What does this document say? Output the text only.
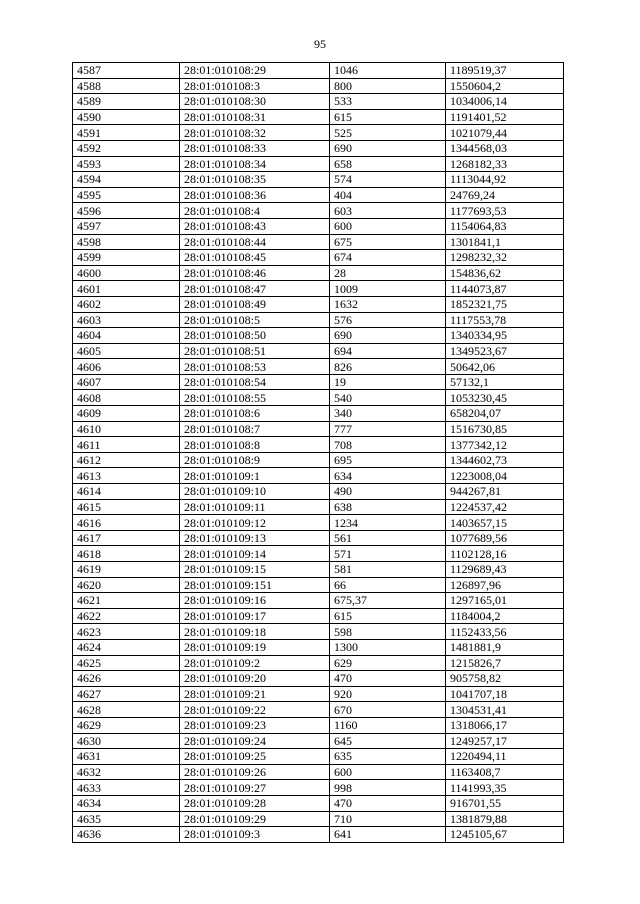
95
4587	28:01:010108:29	1046	1189519,37
4588	28:01:010108:3	800	1550604,2
4589	28:01:010108:30	533	1034006,14
4590	28:01:010108:31	615	1191401,52
4591	28:01:010108:32	525	1021079,44
4592	28:01:010108:33	690	1344568,03
4593	28:01:010108:34	658	1268182,33
4594	28:01:010108:35	574	1113044,92
4595	28:01:010108:36	404	24769,24
4596	28:01:010108:4	603	1177693,53
4597	28:01:010108:43	600	1154064,83
4598	28:01:010108:44	675	1301841,1
4599	28:01:010108:45	674	1298232,32
4600	28:01:010108:46	28	154836,62
4601	28:01:010108:47	1009	1144073,87
4602	28:01:010108:49	1632	1852321,75
4603	28:01:010108:5	576	1117553,78
4604	28:01:010108:50	690	1340334,95
4605	28:01:010108:51	694	1349523,67
4606	28:01:010108:53	826	50642,06
4607	28:01:010108:54	19	57132,1
4608	28:01:010108:55	540	1053230,45
4609	28:01:010108:6	340	658204,07
4610	28:01:010108:7	777	1516730,85
4611	28:01:010108:8	708	1377342,12
4612	28:01:010108:9	695	1344602,73
4613	28:01:010109:1	634	1223008,04
4614	28:01:010109:10	490	944267,81
4615	28:01:010109:11	638	1224537,42
4616	28:01:010109:12	1234	1403657,15
4617	28:01:010109:13	561	1077689,56
4618	28:01:010109:14	571	1102128,16
4619	28:01:010109:15	581	1129689,43
4620	28:01:010109:151	66	126897,96
4621	28:01:010109:16	675,37	1297165,01
4622	28:01:010109:17	615	1184004,2
4623	28:01:010109:18	598	1152433,56
4624	28:01:010109:19	1300	1481881,9
4625	28:01:010109:2	629	1215826,7
4626	28:01:010109:20	470	905758,82
4627	28:01:010109:21	920	1041707,18
4628	28:01:010109:22	670	1304531,41
4629	28:01:010109:23	1160	1318066,17
4630	28:01:010109:24	645	1249257,17
4631	28:01:010109:25	635	1220494,11
4632	28:01:010109:26	600	1163408,7
4633	28:01:010109:27	998	1141993,35
4634	28:01:010109:28	470	916701,55
4635	28:01:010109:29	710	1381879,88
4636	28:01:010109:3	641	1245105,67
